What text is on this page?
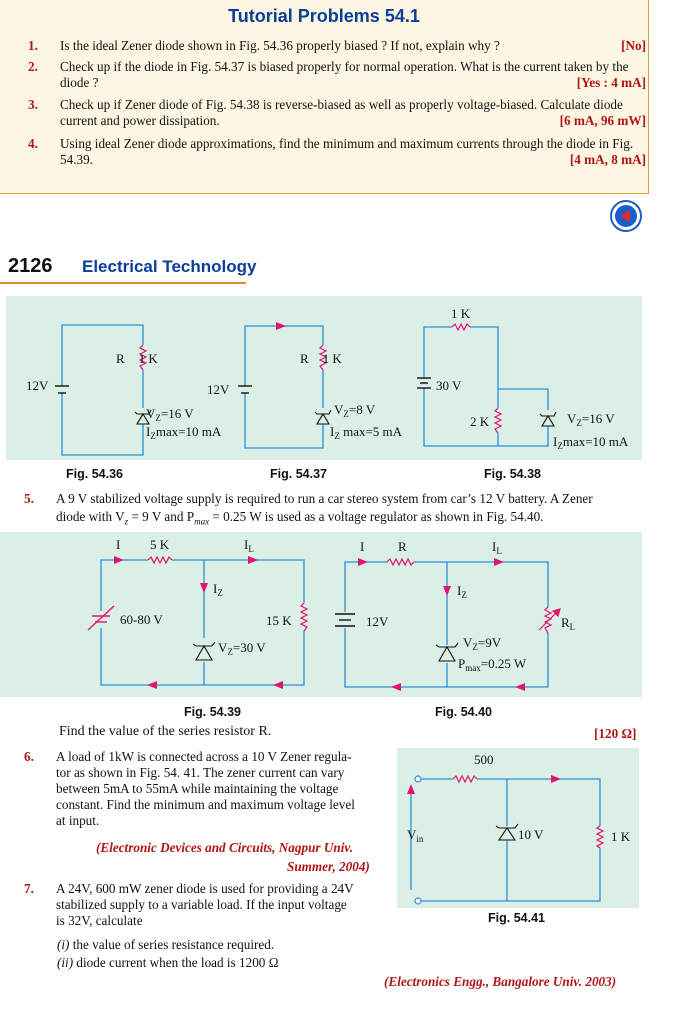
Tutorial Problems 54.1
1. Is the ideal Zener diode shown in Fig. 54.36 properly biased ? If not, explain why ?	[No]
2. Check up if the diode in Fig. 54.37 is biased properly for normal operation. What is the current taken by the diode ?	[Yes : 4 mA]
3. Check up if Zener diode of Fig. 54.38 is reverse-biased as well as properly voltage-biased. Calculate diode current and power dissipation.	[6 mA, 96 mW]
4. Using ideal Zener diode approximations, find the minimum and maximum currents through the diode in Fig. 54.39.	[4 mA, 8 mA]
2126 Electrical Technology
R 1 K
12V
$V_Z=16$ V
$I_Z\max=10$ mA
R 1 K
12V
$V_Z=8$ V
$I_Z$ max=5 mA
1 K
30 V
2 K	$V_Z=16$ V
$I_Z\max=10$ mA
Fig. 54.36	Fig. 54.37	Fig. 54.38
5. A 9 V stabilized voltage supply is required to run a car stereo system from car’s 12 V battery. A Zener
diode with $V_z = 9$ V and $P_{max} = 0.25$ W is used as a voltage regulator as shown in Fig. 54.40.
I 5 K	$I_L$
$I_Z$
60-80 V	15 K
$V_Z=30$ V
I	R	$I_L$
$I_Z$
12V
$V_Z=9V$
$P_{max}=0.25$ W
$R_L$
Fig. 54.39	Fig. 54.40
Find the value of the series resistor R.	[120 Ω]
6. A load of 1kW is connected across a 10 V Zener regula-
tor as shown in Fig. 54. 41. The zener current can vary
between 5mA to 55mA while maintaining the voltage
constant. Find the minimum and maximum voltage level
at input.
(Electronic Devices and Circuits, Nagpur Univ.
Summer, 2004)
500
$V_{in}$	10 V	1 K
Fig. 54.41
7. A 24V, 600 mW zener diode is used for providing a 24V
stabilized supply to a variable load. If the input voltage
is 32V, calculate
(i) the value of series resistance required.
(ii) diode current when the load is 1200 Ω
(Electronics Engg., Bangalore Univ. 2003)
